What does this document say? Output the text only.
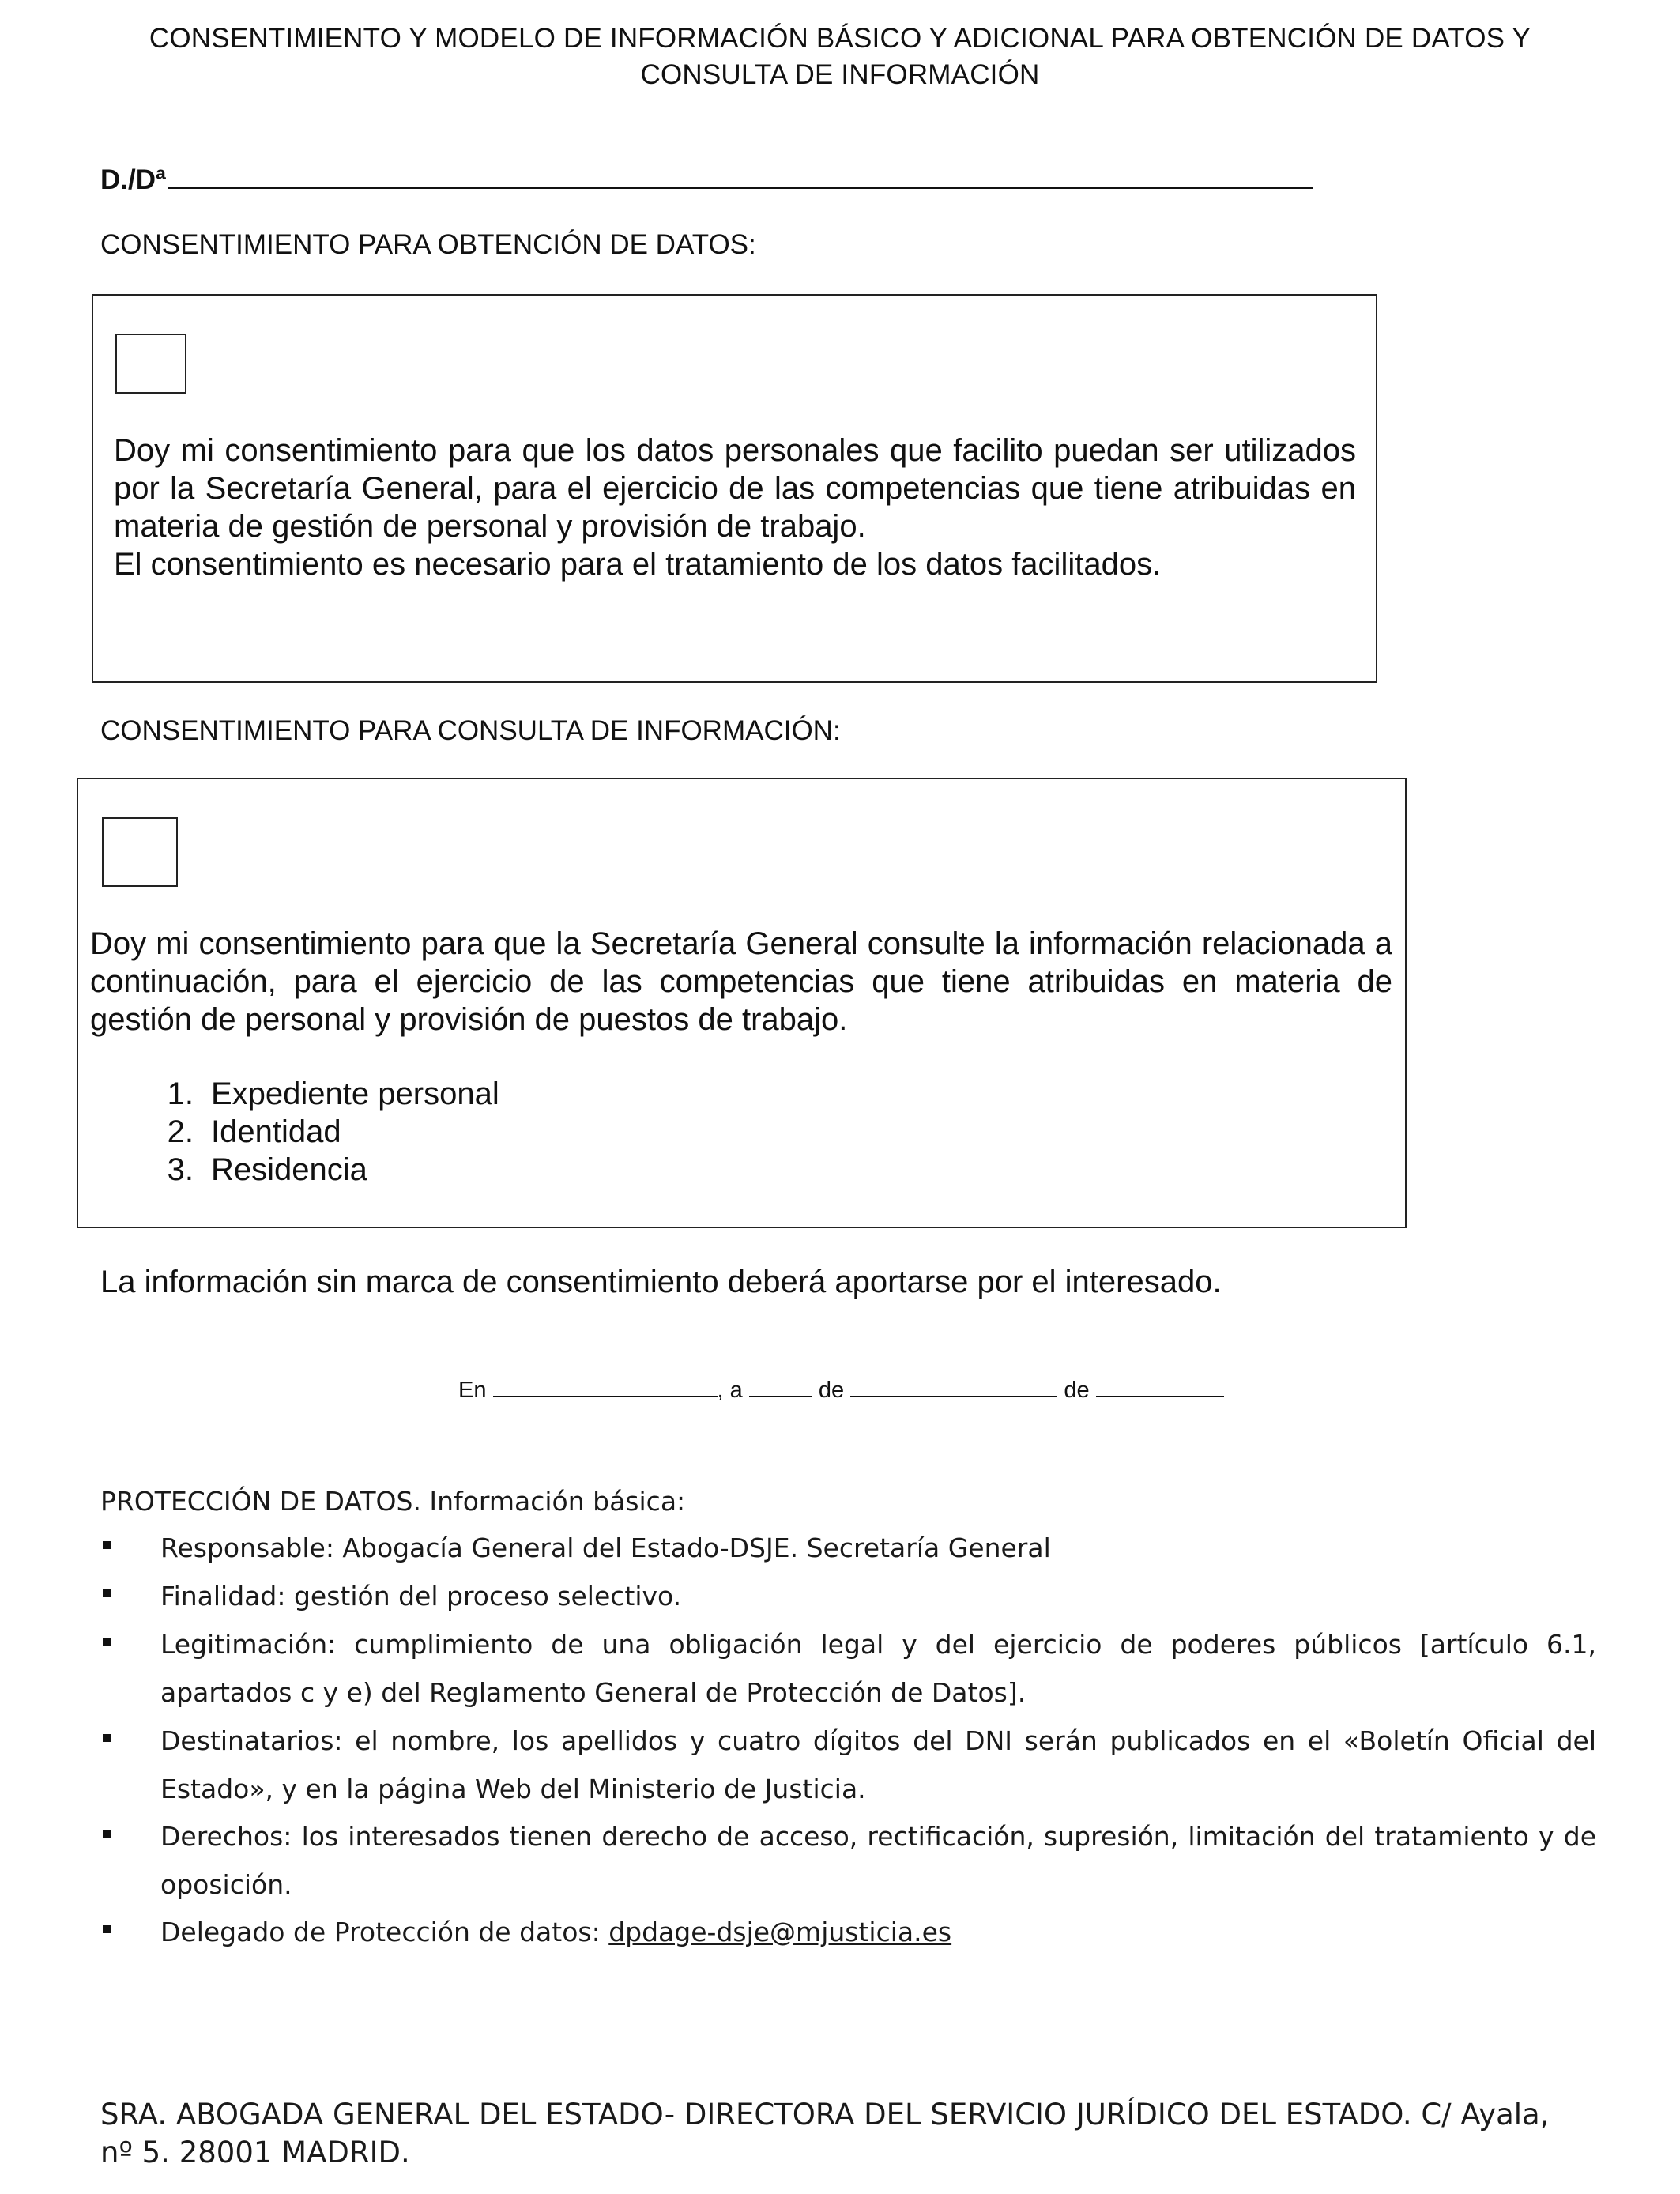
CONSENTIMIENTO Y MODELO DE INFORMACIÓN BÁSICO Y ADICIONAL PARA OBTENCIÓN DE DATOS Y CONSULTA DE INFORMACIÓN
D./Dª
CONSENTIMIENTO PARA OBTENCIÓN DE DATOS:

Doy mi consentimiento para que los datos personales que facilito puedan ser utilizados por la Secretaría General, para el ejercicio de las competencias que tiene atribuidas en materia de gestión de personal y provisión de trabajo.

El consentimiento es necesario para el tratamiento de los datos facilitados.

CONSENTIMIENTO PARA CONSULTA DE INFORMACIÓN:
Doy mi consentimiento para que la Secretaría General consulte la información relacionada a continuación, para el ejercicio de las competencias que tiene atribuidas en materia de gestión de personal y provisión de puestos de trabajo.
1. Expediente personal
2. Identidad
3. Residencia
La información sin marca de consentimiento deberá aportarse por el interesado.
En	, a	de	de
PROTECCIÓN DE DATOS. Información básica:
Responsable: Abogacía General del Estado-DSJE. Secretaría General
Finalidad: gestión del proceso selectivo.
Legitimación: cumplimiento de una obligación legal y del ejercicio de poderes públicos [artículo 6.1, apartados c y e) del Reglamento General de Protección de Datos].
Destinatarios: el nombre, los apellidos y cuatro dígitos del DNI serán publicados en el «Boletín Oficial del Estado», y en la página Web del Ministerio de Justicia.
Derechos: los interesados tienen derecho de acceso, rectificación, supresión, limitación del tratamiento y de oposición.
Delegado de Protección de datos: dpdage-dsje@mjusticia.es
SRA. ABOGADA GENERAL DEL ESTADO- DIRECTORA DEL SERVICIO JURÍDICO DEL ESTADO. C/ Ayala, nº 5. 28001 MADRID.
